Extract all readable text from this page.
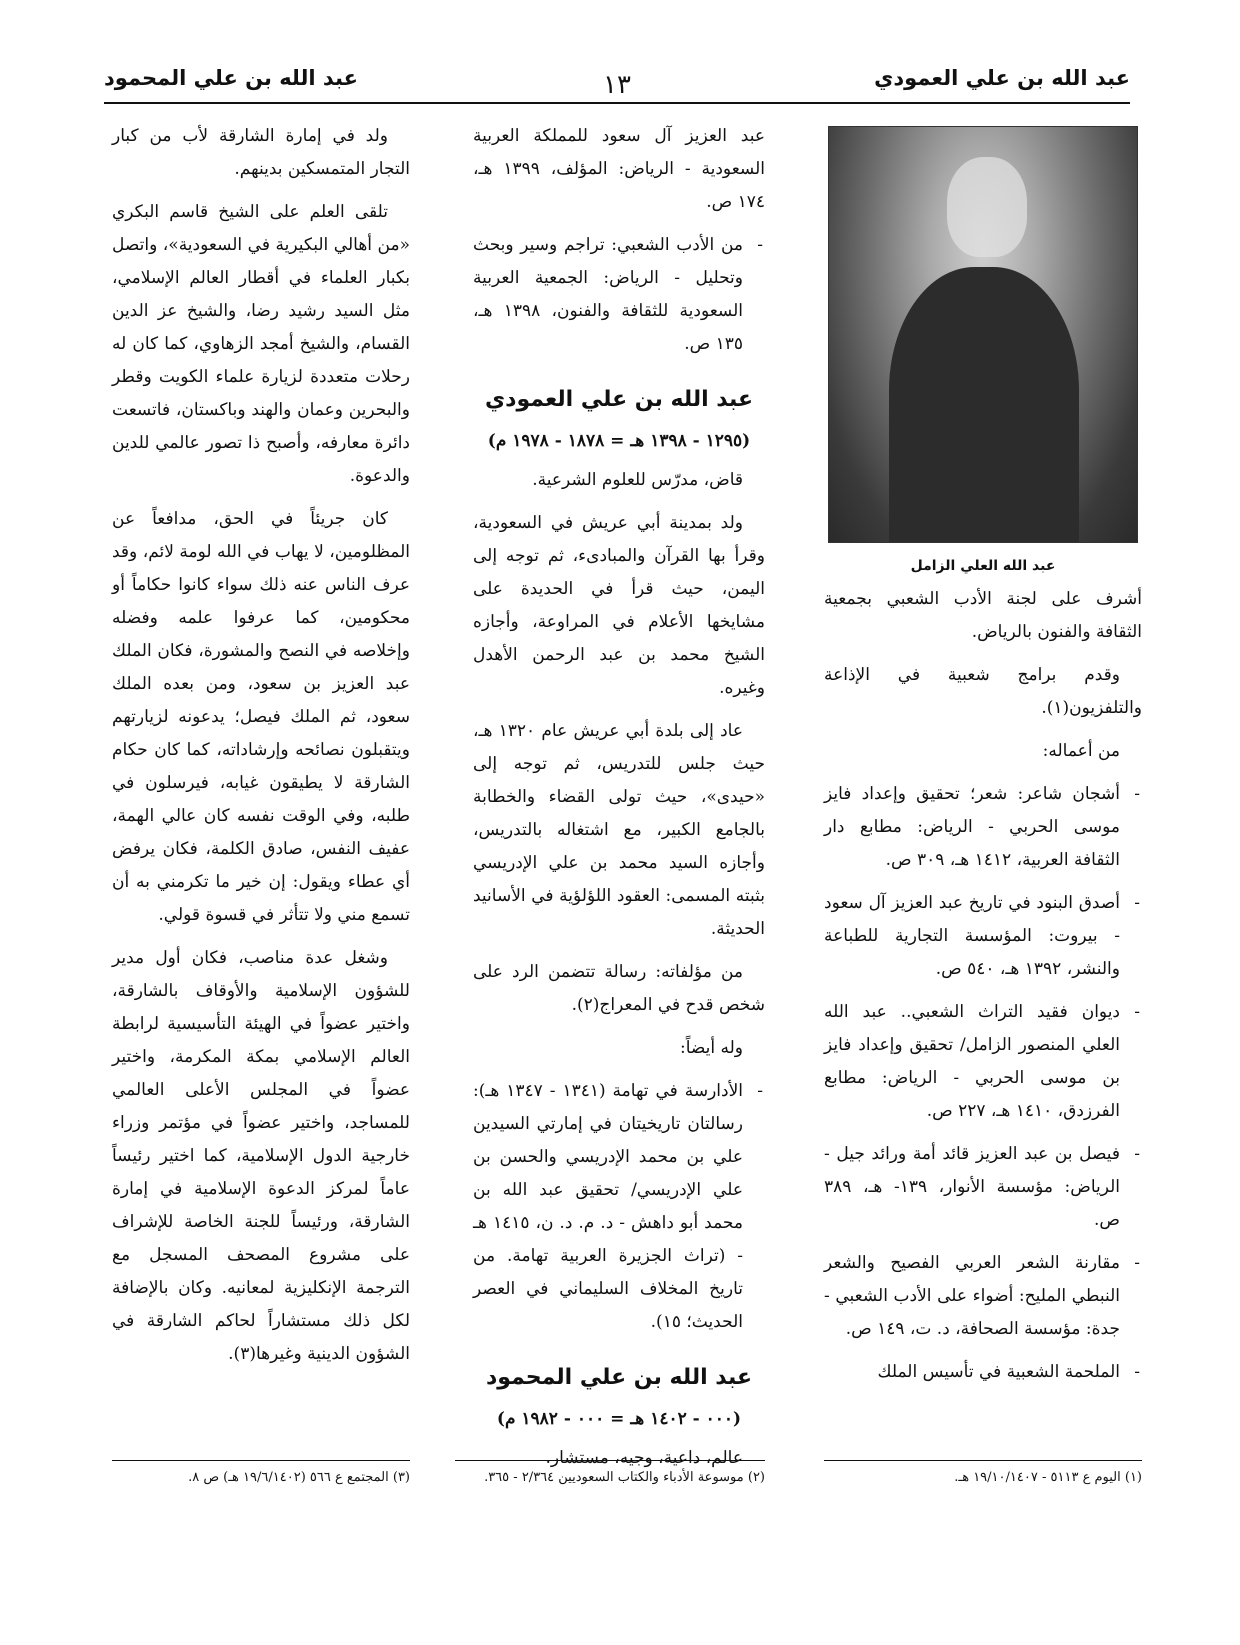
عبد الله بن علي العمودي
١٣
عبد الله بن علي المحمود
عبد الله العلي الزامل

أشرف على لجنة الأدب الشعبي بجمعية الثقافة والفنون بالرياض.

وقدم برامج شعبية في الإذاعة والتلفزيون(١).

من أعماله:

- أشجان شاعر: شعر؛ تحقيق وإعداد فايز موسى الحربي - الرياض: مطابع دار الثقافة العربية، ١٤١٢ هـ، ٣٠٩ ص.
- أصدق البنود في تاريخ عبد العزيز آل سعود - بيروت: المؤسسة التجارية للطباعة والنشر، ١٣٩٢ هـ، ٥٤٠ ص.
- ديوان فقيد التراث الشعبي.. عبد الله العلي المنصور الزامل/ تحقيق وإعداد فايز بن موسى الحربي - الرياض: مطابع الفرزدق، ١٤١٠ هـ، ٢٢٧ ص.
- فيصل بن عبد العزيز قائد أمة ورائد جيل - الرياض: مؤسسة الأنوار، ١٣٩- هـ، ٣٨٩ ص.
- مقارنة الشعر العربي الفصيح والشعر النبطي المليح: أضواء على الأدب الشعبي - جدة: مؤسسة الصحافة، د. ت، ١٤٩ ص.
- الملحمة الشعبية في تأسيس الملك

عبد العزيز آل سعود للمملكة العربية السعودية - الرياض: المؤلف، ١٣٩٩ هـ، ١٧٤ ص.

- من الأدب الشعبي: تراجم وسير وبحث وتحليل - الرياض: الجمعية العربية السعودية للثقافة والفنون، ١٣٩٨ هـ، ١٣٥ ص.
عبد الله بن علي العمودي
(١٢٩٥ - ١٣٩٨ هـ = ١٨٧٨ - ١٩٧٨ م)

قاض، مدرّس للعلوم الشرعية.

ولد بمدينة أبي عريش في السعودية، وقرأ بها القرآن والمبادىء، ثم توجه إلى اليمن، حيث قرأ في الحديدة على مشايخها الأعلام في المراوعة، وأجازه الشيخ محمد بن عبد الرحمن الأهدل وغيره.

عاد إلى بلدة أبي عريش عام ١٣٢٠ هـ، حيث جلس للتدريس، ثم توجه إلى «حيدى»، حيث تولى القضاء والخطابة بالجامع الكبير، مع اشتغاله بالتدريس، وأجازه السيد محمد بن علي الإدريسي بثبته المسمى: العقود اللؤلؤية في الأسانيد الحديثة.

من مؤلفاته: رسالة تتضمن الرد على شخص قدح في المعراج(٢).

وله أيضاً:

- الأدارسة في تهامة (١٣٤١ - ١٣٤٧ هـ): رسالتان تاريخيتان في إمارتي السيدين علي بن محمد الإدريسي والحسن بن علي الإدريسي/ تحقيق عبد الله بن محمد أبو داهش - د. م. د. ن، ١٤١٥ هـ - (تراث الجزيرة العربية تهامة. من تاريخ المخلاف السليماني في العصر الحديث؛ ١٥).
عبد الله بن علي المحمود
(٠٠٠ - ١٤٠٢ هـ = ٠٠٠ - ١٩٨٢ م)

عالم، داعية، وجيه، مستشار.

ولد في إمارة الشارقة لأب من كبار التجار المتمسكين بدينهم.

تلقى العلم على الشيخ قاسم البكري «من أهالي البكيرية في السعودية»، واتصل بكبار العلماء في أقطار العالم الإسلامي، مثل السيد رشيد رضا، والشيخ عز الدين القسام، والشيخ أمجد الزهاوي، كما كان له رحلات متعددة لزيارة علماء الكويت وقطر والبحرين وعمان والهند وباكستان، فاتسعت دائرة معارفه، وأصبح ذا تصور عالمي للدين والدعوة.

كان جريئاً في الحق، مدافعاً عن المظلومين، لا يهاب في الله لومة لائم، وقد عرف الناس عنه ذلك سواء كانوا حكاماً أو محكومين، كما عرفوا علمه وفضله وإخلاصه في النصح والمشورة، فكان الملك عبد العزيز بن سعود، ومن بعده الملك سعود، ثم الملك فيصل؛ يدعونه لزيارتهم ويتقبلون نصائحه وإرشاداته، كما كان حكام الشارقة لا يطيقون غيابه، فيرسلون في طلبه، وفي الوقت نفسه كان عالي الهمة، عفيف النفس، صادق الكلمة، فكان يرفض أي عطاء ويقول: إن خير ما تكرمني به أن تسمع مني ولا تتأثر في قسوة قولي.

وشغل عدة مناصب، فكان أول مدير للشؤون الإسلامية والأوقاف بالشارقة، واختير عضواً في الهيئة التأسيسية لرابطة العالم الإسلامي بمكة المكرمة، واختير عضواً في المجلس الأعلى العالمي للمساجد، واختير عضواً في مؤتمر وزراء خارجية الدول الإسلامية، كما اختير رئيساً عاماً لمركز الدعوة الإسلامية في إمارة الشارقة، ورئيساً للجنة الخاصة للإشراف على مشروع المصحف المسجل مع الترجمة الإنكليزية لمعانيه. وكان بالإضافة لكل ذلك مستشاراً لحاكم الشارقة في الشؤون الدينية وغيرها(٣).

(١) اليوم ع ٥١١٣ - ١٩/١٠/١٤٠٧ هـ.
(٢) موسوعة الأدباء والكتاب السعوديين ٢/٣٦٤ - ٣٦٥.
(٣) المجتمع ع ٥٦٦ (١٩/٦/١٤٠٢ هـ) ص ٨.
